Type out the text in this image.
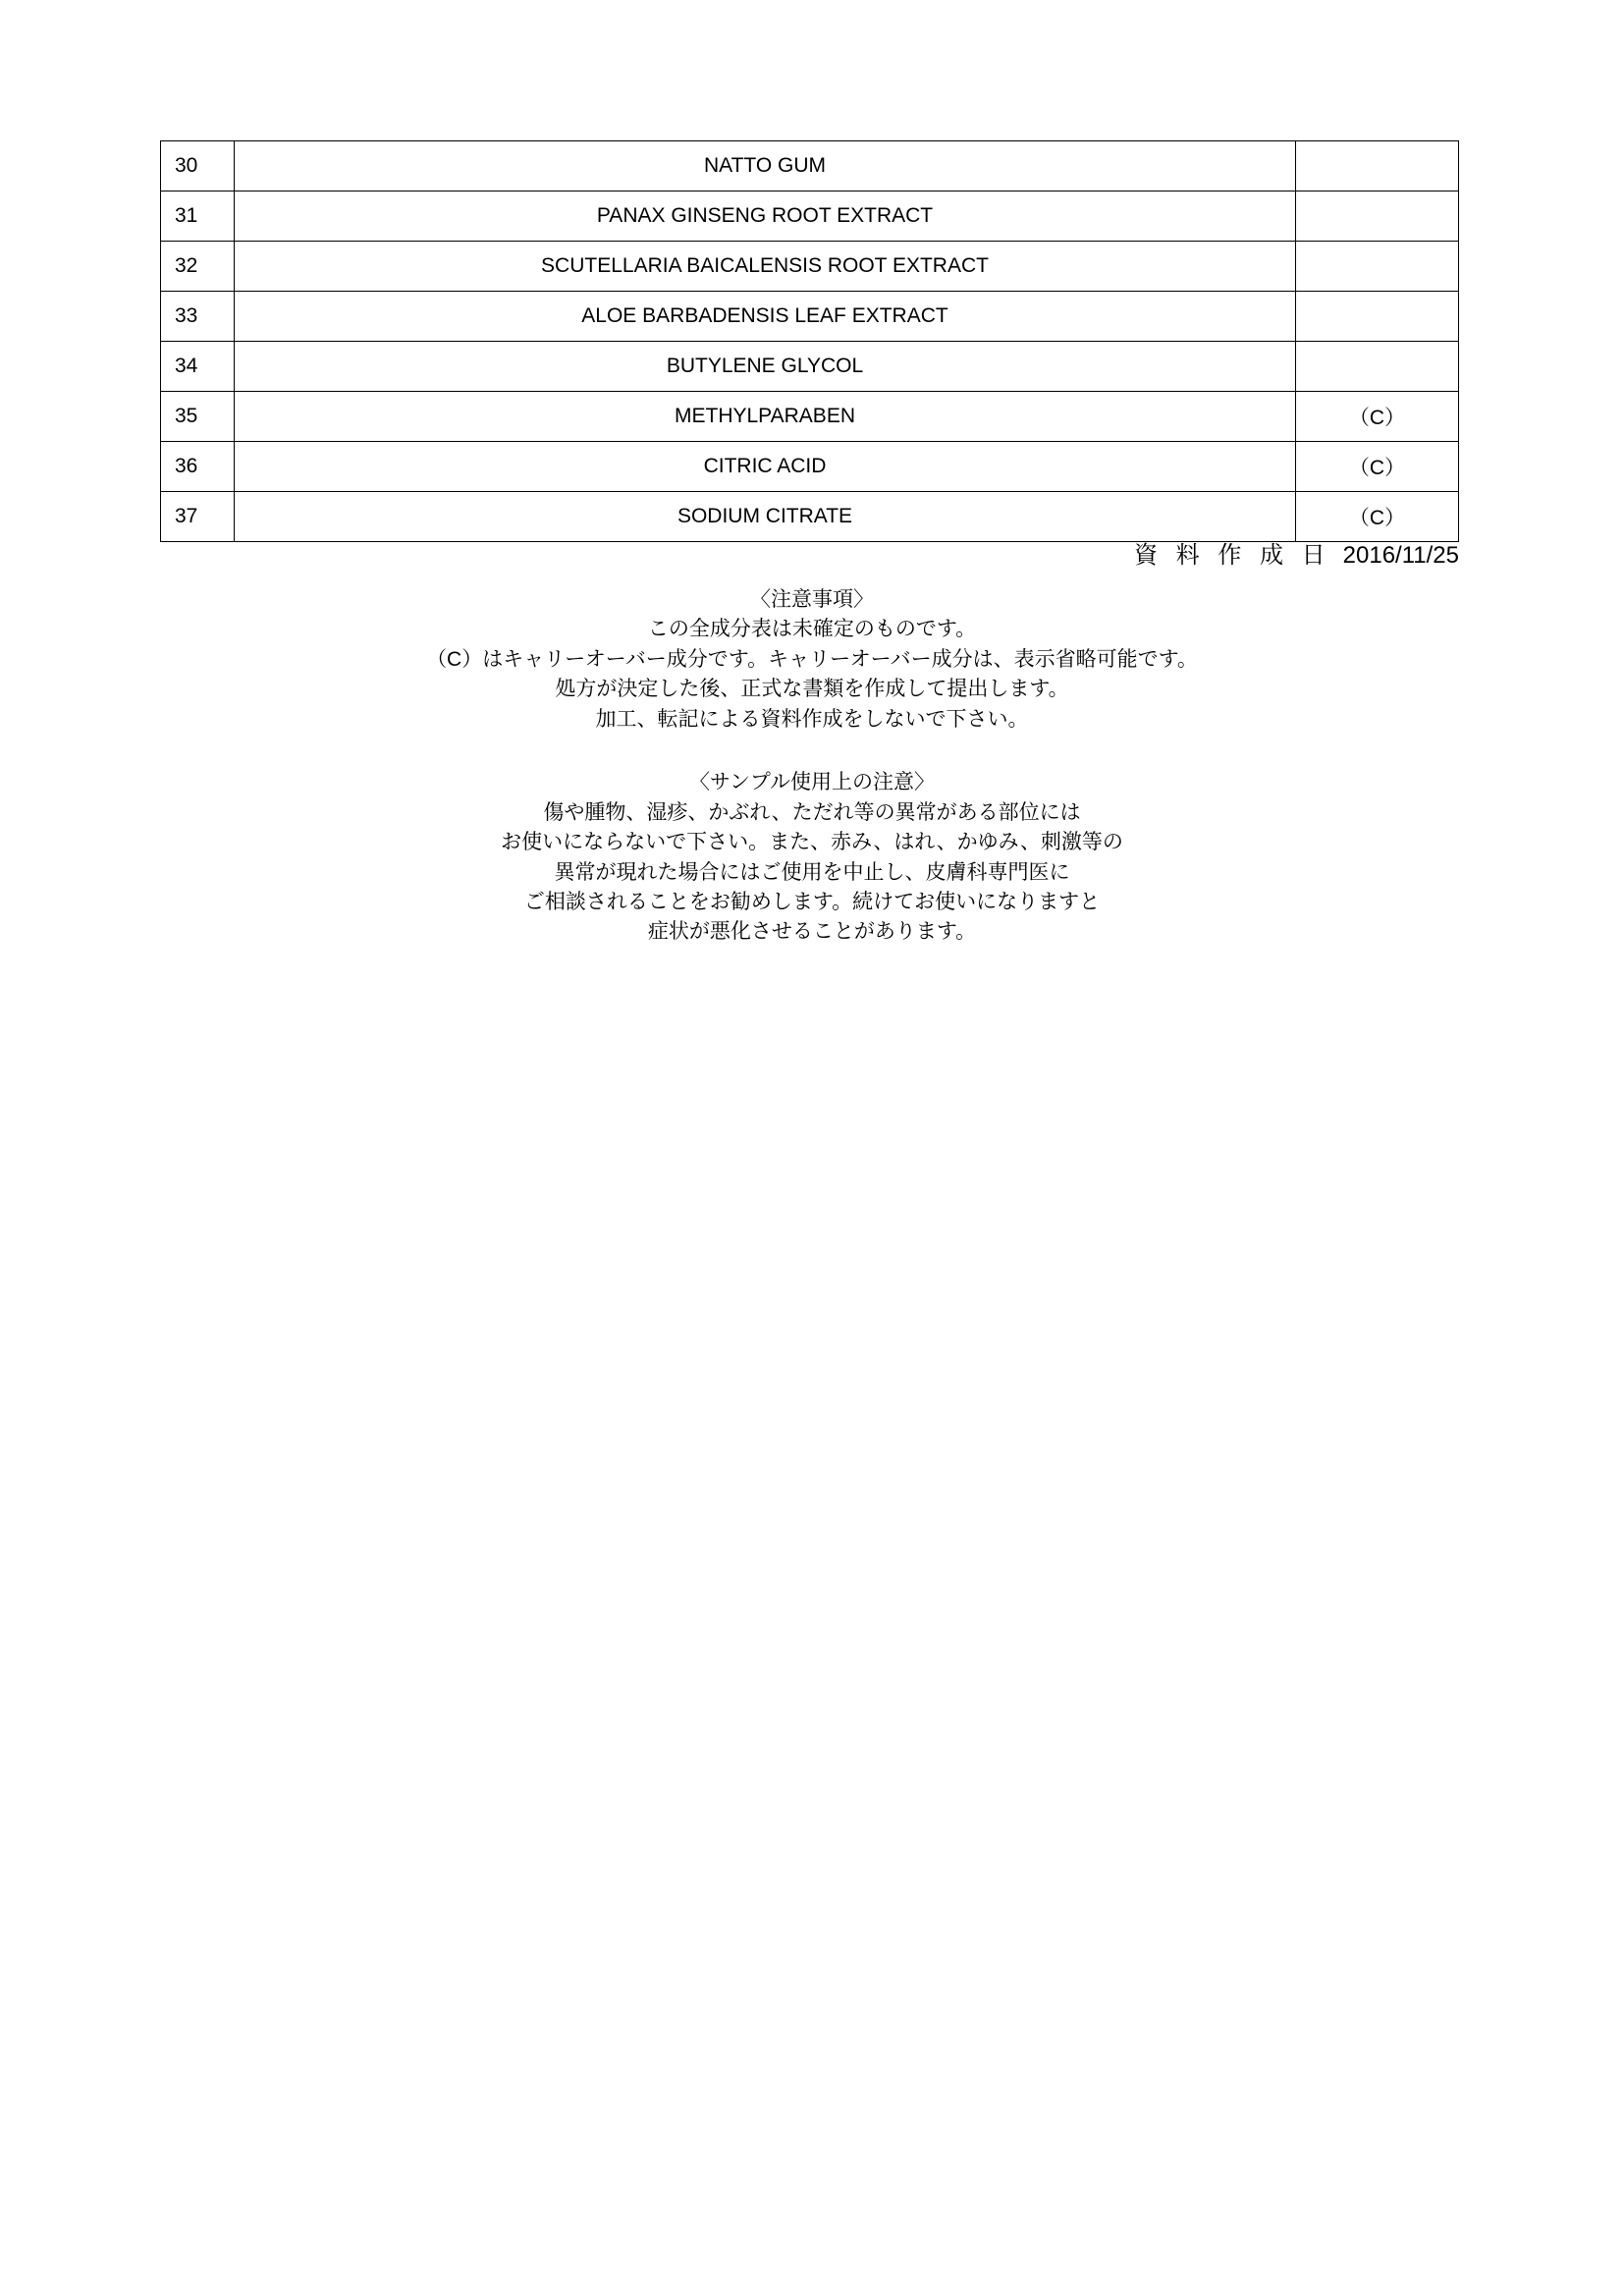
30	NATTO GUM	
31	PANAX GINSENG ROOT EXTRACT	
32	SCUTELLARIA BAICALENSIS ROOT EXTRACT	
33	ALOE BARBADENSIS LEAF EXTRACT	
34	BUTYLENE GLYCOL	
35	METHYLPARABEN	（C）
36	CITRIC ACID	（C）
37	SODIUM CITRATE	（C）
資 料 作 成 日 2016/11/25

〈注意事項〉

この全成分表は未確定のものです。

（C）はキャリーオーバー成分です。キャリーオーバー成分は、表示省略可能です。

処方が決定した後、正式な書類を作成して提出します。

加工、転記による資料作成をしないで下さい。

〈サンプル使用上の注意〉

傷や腫物、湿疹、かぶれ、ただれ等の異常がある部位には

お使いにならないで下さい。また、赤み、はれ、かゆみ、刺激等の

異常が現れた場合にはご使用を中止し、皮膚科専門医に

ご相談されることをお勧めします。続けてお使いになりますと

症状が悪化させることがあります。
